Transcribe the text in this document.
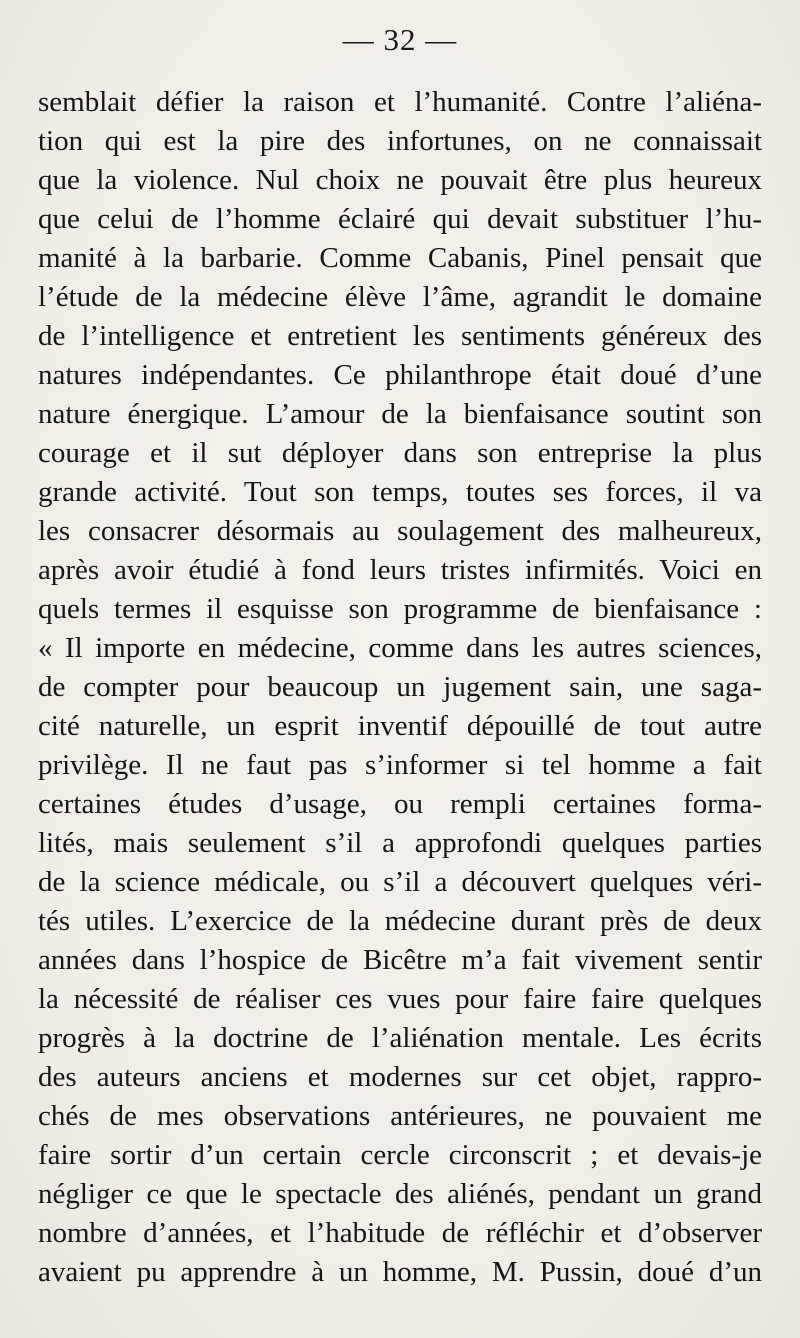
— 32 —
semblait défier la raison et l’humanité. Contre l’aliéna-
tion qui est la pire des infortunes, on ne connaissait
que la violence. Nul choix ne pouvait être plus heureux
que celui de l’homme éclairé qui devait substituer l’hu-
manité à la barbarie. Comme Cabanis, Pinel pensait que
l’étude de la médecine élève l’âme, agrandit le domaine
de l’intelligence et entretient les sentiments généreux des
natures indépendantes. Ce philanthrope était doué d’une
nature énergique. L’amour de la bienfaisance soutint son
courage et il sut déployer dans son entreprise la plus
grande activité. Tout son temps, toutes ses forces, il va
les consacrer désormais au soulagement des malheureux,
après avoir étudié à fond leurs tristes infirmités. Voici en
quels termes il esquisse son programme de bienfaisance :
« Il importe en médecine, comme dans les autres sciences,
de compter pour beaucoup un jugement sain, une saga-
cité naturelle, un esprit inventif dépouillé de tout autre
privilège. Il ne faut pas s’informer si tel homme a fait
certaines études d’usage, ou rempli certaines forma-
lités, mais seulement s’il a approfondi quelques parties
de la science médicale, ou s’il a découvert quelques véri-
tés utiles. L’exercice de la médecine durant près de deux
années dans l’hospice de Bicêtre m’a fait vivement sentir
la nécessité de réaliser ces vues pour faire faire quelques
progrès à la doctrine de l’aliénation mentale. Les écrits
des auteurs anciens et modernes sur cet objet, rappro-
chés de mes observations antérieures, ne pouvaient me
faire sortir d’un certain cercle circonscrit ; et devais-je
négliger ce que le spectacle des aliénés, pendant un grand
nombre d’années, et l’habitude de réfléchir et d’observer
avaient pu apprendre à un homme, M. Pussin, doué d’un
